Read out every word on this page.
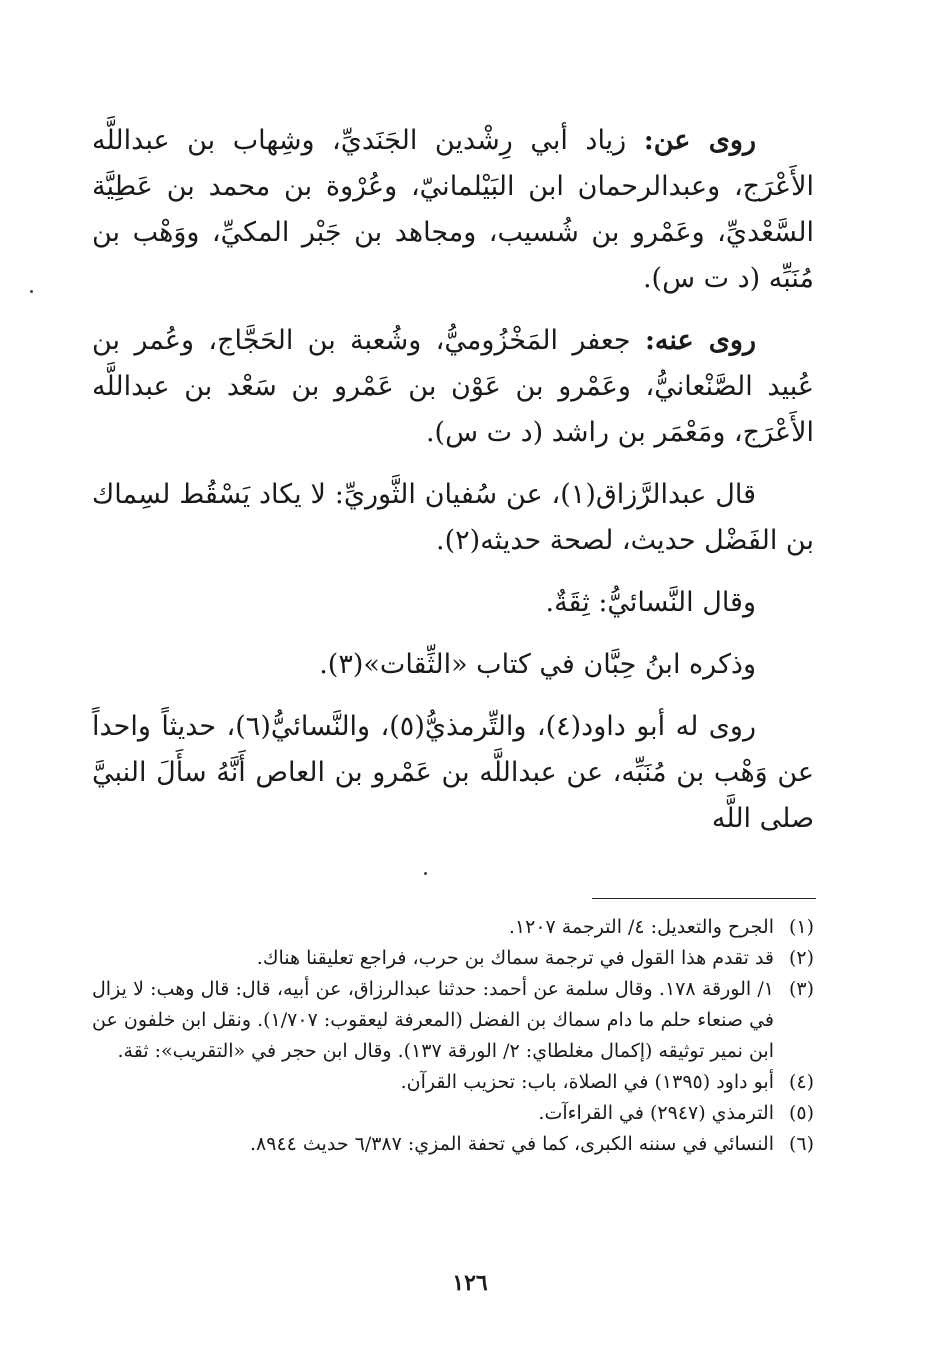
روى عن: زياد أبي رِشْدين الجَنَديِّ، وشِهاب بن عبداللَّه الأَعْرَج، وعبدالرحمان ابن البَيْلمانيّ، وعُرْوة بن محمد بن عَطِيَّة السَّعْديِّ، وعَمْرو بن شُسيب، ومجاهد بن جَبْر المكيِّ، ووَهْب بن مُنَبِّه (د ت س).

روى عنه: جعفر المَخْزُوميُّ، وشُعبة بن الحَجَّاج، وعُمر بن عُبيد الصَّنْعانيُّ، وعَمْرو بن عَوْن بن عَمْرو بن سَعْد بن عبداللَّه الأَعْرَج، ومَعْمَر بن راشد (د ت س).

قال عبدالرَّزاق(١)، عن سُفيان الثَّوريِّ: لا يكاد يَسْقُط لسِماك بن الفَضْل حديث، لصحة حديثه(٢).

وقال النَّسائيُّ: ثِقَةٌ.

وذكره ابنُ حِبَّان في كتاب «الثِّقات»(٣).

روى له أبو داود(٤)، والتِّرمذيُّ(٥)، والنَّسائيُّ(٦)، حديثاً واحداً عن وَهْب بن مُنَبِّه، عن عبداللَّه بن عَمْرو بن العاص أَنَّهُ سأَلَ النبيَّ صلى اللَّه

(١)
الجرح والتعديل: ٤/ الترجمة ١٢٠٧.
(٢)
قد تقدم هذا القول في ترجمة سماك بن حرب، فراجع تعليقنا هناك.
(٣)
١/ الورقة ١٧٨. وقال سلمة عن أحمد: حدثنا عبدالرزاق، عن أبيه، قال: قال وهب: لا يزال في صنعاء حلم ما دام سماك بن الفضل (المعرفة ليعقوب: ١/٧٠٧). ونقل ابن خلفون عن ابن نمير توثيقه (إكمال مغلطاي: ٢/ الورقة ١٣٧). وقال ابن حجر في «التقريب»: ثقة.
(٤)
أبو داود (١٣٩٥) في الصلاة، باب: تحزيب القرآن.
(٥)
الترمذي (٢٩٤٧) في القراءآت.
(٦)
النسائي في سننه الكبرى، كما في تحفة المزي: ٦/٣٨٧ حديث ٨٩٤٤.
١٢٦
